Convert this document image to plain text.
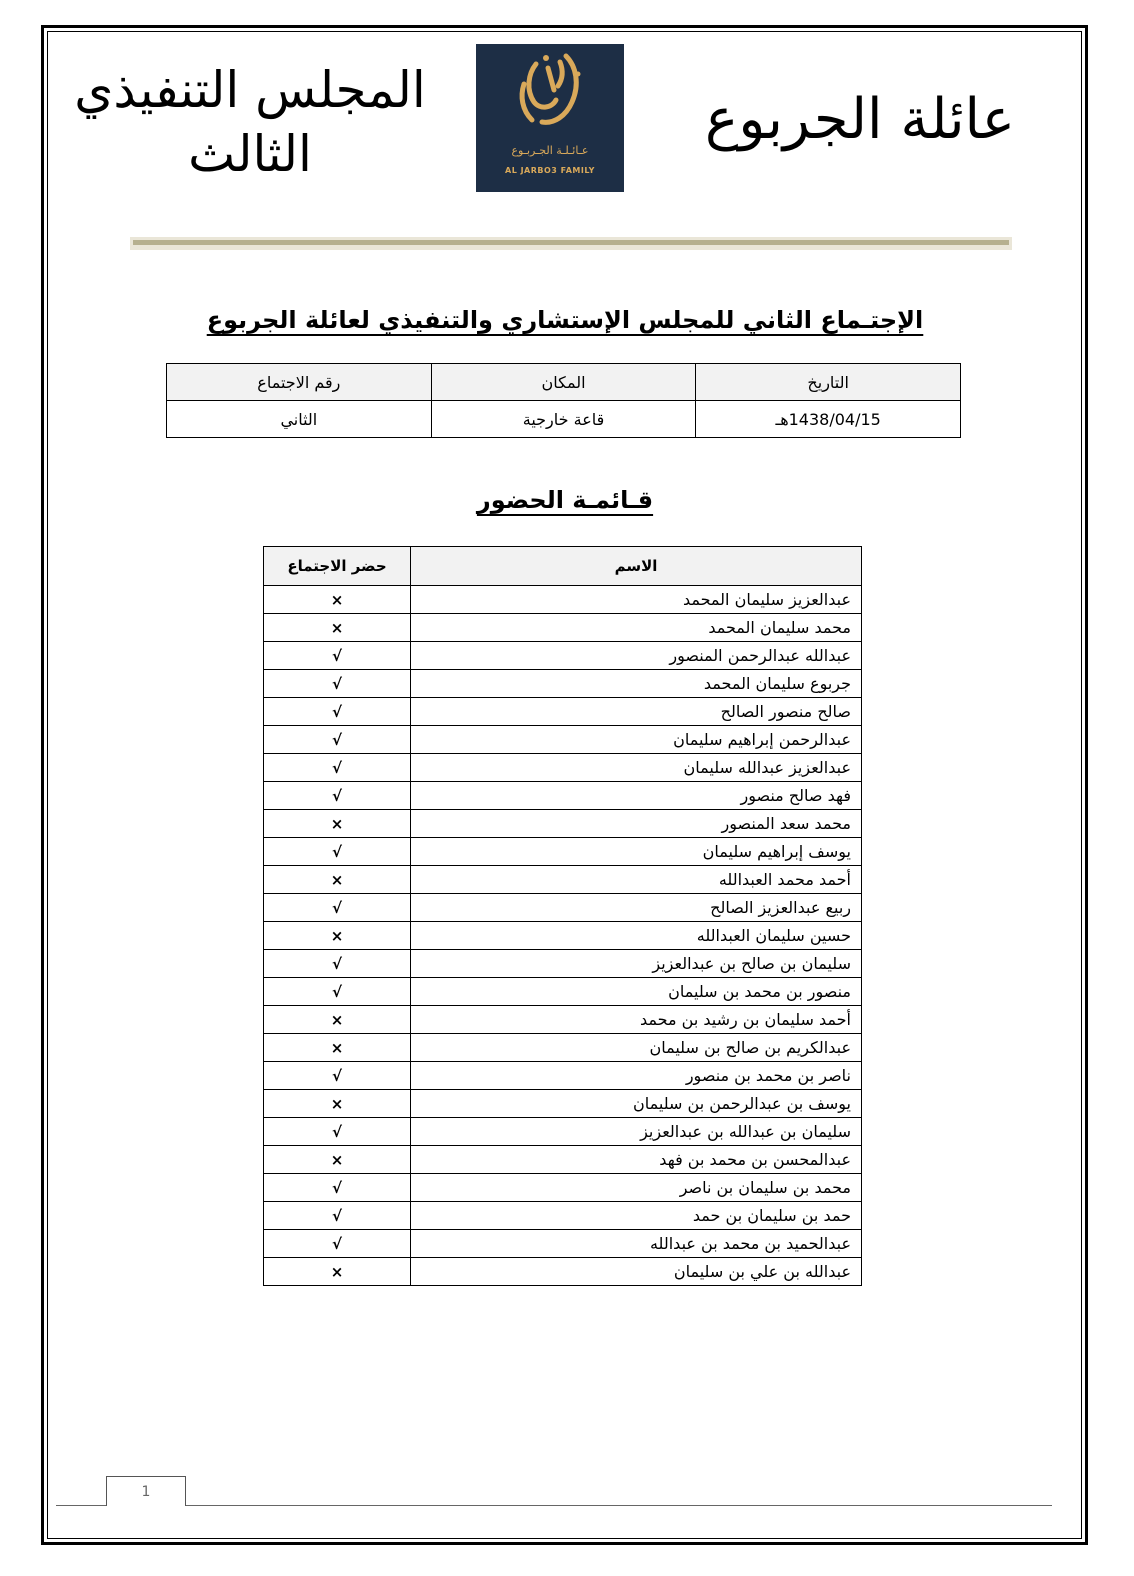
عائلة الجربوع
عـائـلـة الجـربـوع
AL JARBO3 FAMILY
المجلس التنفيذي
الثالث
الإجتـماع الثاني للمجلس الإستشاري والتنفيذي لعائلة الجربوع
التاريخ	المكان	رقم الاجتماع
1438/04/15هـ	قاعة خارجية	الثاني
قـائمـة الحضور
الاسم	حضر الاجتماع
عبدالعزيز سليمان المحمد	×
محمد سليمان المحمد	×
عبدالله عبدالرحمن المنصور	√
جربوع سليمان المحمد	√
صالح منصور الصالح	√
عبدالرحمن إبراهيم سليمان	√
عبدالعزيز عبدالله سليمان	√
فهد صالح منصور	√
محمد سعد المنصور	×
يوسف إبراهيم سليمان	√
أحمد محمد العبدالله	×
ربيع عبدالعزيز الصالح	√
حسين سليمان العبدالله	×
سليمان بن صالح بن عبدالعزيز	√
منصور بن محمد بن سليمان	√
أحمد سليمان بن رشيد بن محمد	×
عبدالكريم بن صالح بن سليمان	×
ناصر بن محمد بن منصور	√
يوسف بن عبدالرحمن بن سليمان	×
سليمان بن عبدالله بن عبدالعزيز	√
عبدالمحسن بن محمد بن فهد	×
محمد بن سليمان بن ناصر	√
حمد بن سليمان بن حمد	√
عبدالحميد بن محمد بن عبدالله	√
عبدالله بن علي بن سليمان	×
1
